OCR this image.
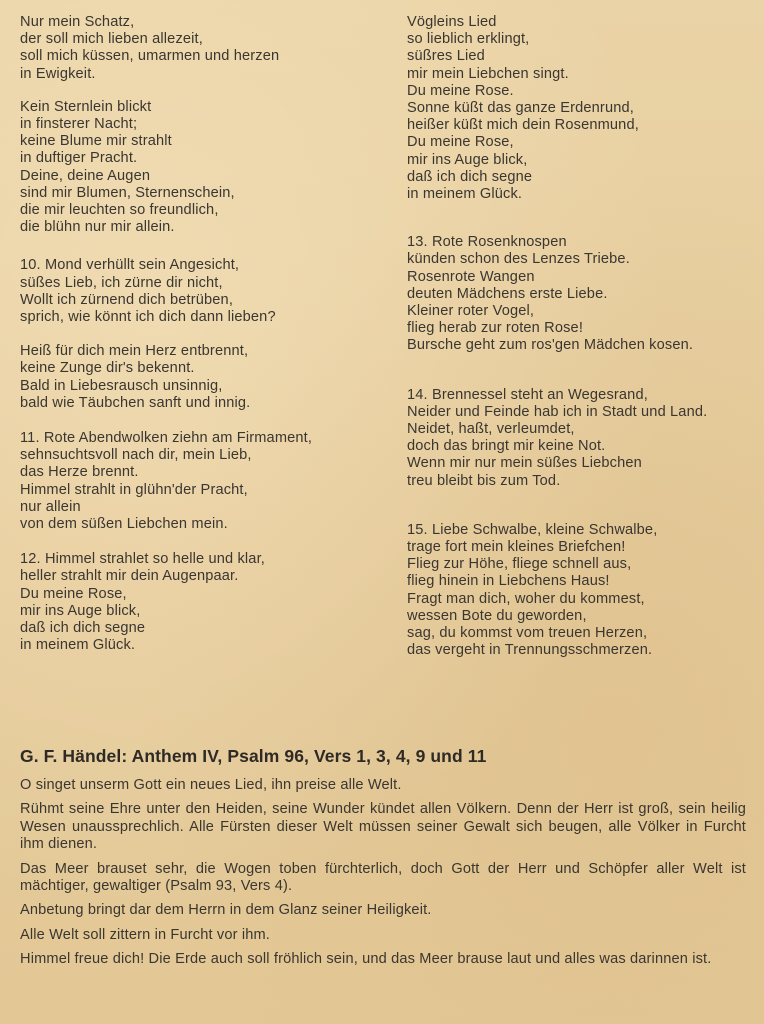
Nur mein Schatz,
der soll mich lieben allezeit,
soll mich küssen, umarmen und herzen
in Ewigkeit.

Kein Sternlein blickt
in finsterer Nacht;
keine Blume mir strahlt
in duftiger Pracht.
Deine, deine Augen
sind mir Blumen, Sternenschein,
die mir leuchten so freundlich,
die blühn nur mir allein.

10. Mond verhüllt sein Angesicht,
süßes Lieb, ich zürne dir nicht,
Wollt ich zürnend dich betrüben,
sprich, wie könnt ich dich dann lieben?

Heiß für dich mein Herz entbrennt,
keine Zunge dir's bekennt.
Bald in Liebesrausch unsinnig,
bald wie Täubchen sanft und innig.

11. Rote Abendwolken ziehn am Firmament,
sehnsuchtsvoll nach dir, mein Lieb,
das Herze brennt.
Himmel strahlt in glühn'der Pracht,
nur allein
von dem süßen Liebchen mein.

12. Himmel strahlet so helle und klar,
heller strahlt mir dein Augenpaar.
Du meine Rose,
mir ins Auge blick,
daß ich dich segne
in meinem Glück.

Vögleins Lied
so lieblich erklingt,
süßres Lied
mir mein Liebchen singt.
Du meine Rose.
Sonne küßt das ganze Erdenrund,
heißer küßt mich dein Rosenmund,
Du meine Rose,
mir ins Auge blick,
daß ich dich segne
in meinem Glück.

13. Rote Rosenknospen
künden schon des Lenzes Triebe.
Rosenrote Wangen
deuten Mädchens erste Liebe.
Kleiner roter Vogel,
flieg herab zur roten Rose!
Bursche geht zum ros'gen Mädchen kosen.

14. Brennessel steht an Wegesrand,
Neider und Feinde hab ich in Stadt und Land.
Neidet, haßt, verleumdet,
doch das bringt mir keine Not.
Wenn mir nur mein süßes Liebchen
treu bleibt bis zum Tod.

15. Liebe Schwalbe, kleine Schwalbe,
trage fort mein kleines Briefchen!
Flieg zur Höhe, fliege schnell aus,
flieg hinein in Liebchens Haus!
Fragt man dich, woher du kommest,
wessen Bote du geworden,
sag, du kommst vom treuen Herzen,
das vergeht in Trennungsschmerzen.

G. F. Händel: Anthem IV, Psalm 96, Vers 1, 3, 4, 9 und 11

O singet unserm Gott ein neues Lied, ihn preise alle Welt.

Rühmt seine Ehre unter den Heiden, seine Wunder kündet allen Völkern. Denn der Herr ist groß, sein heilig Wesen unaussprechlich. Alle Fürsten dieser Welt müssen seiner Gewalt sich beugen, alle Völker in Furcht ihm dienen.

Das Meer brauset sehr, die Wogen toben fürchterlich, doch Gott der Herr und Schöpfer aller Welt ist mächtiger, gewaltiger (Psalm 93, Vers 4).

Anbetung bringt dar dem Herrn in dem Glanz seiner Heiligkeit.

Alle Welt soll zittern in Furcht vor ihm.

Himmel freue dich! Die Erde auch soll fröhlich sein, und das Meer brause laut und alles was darinnen ist.
